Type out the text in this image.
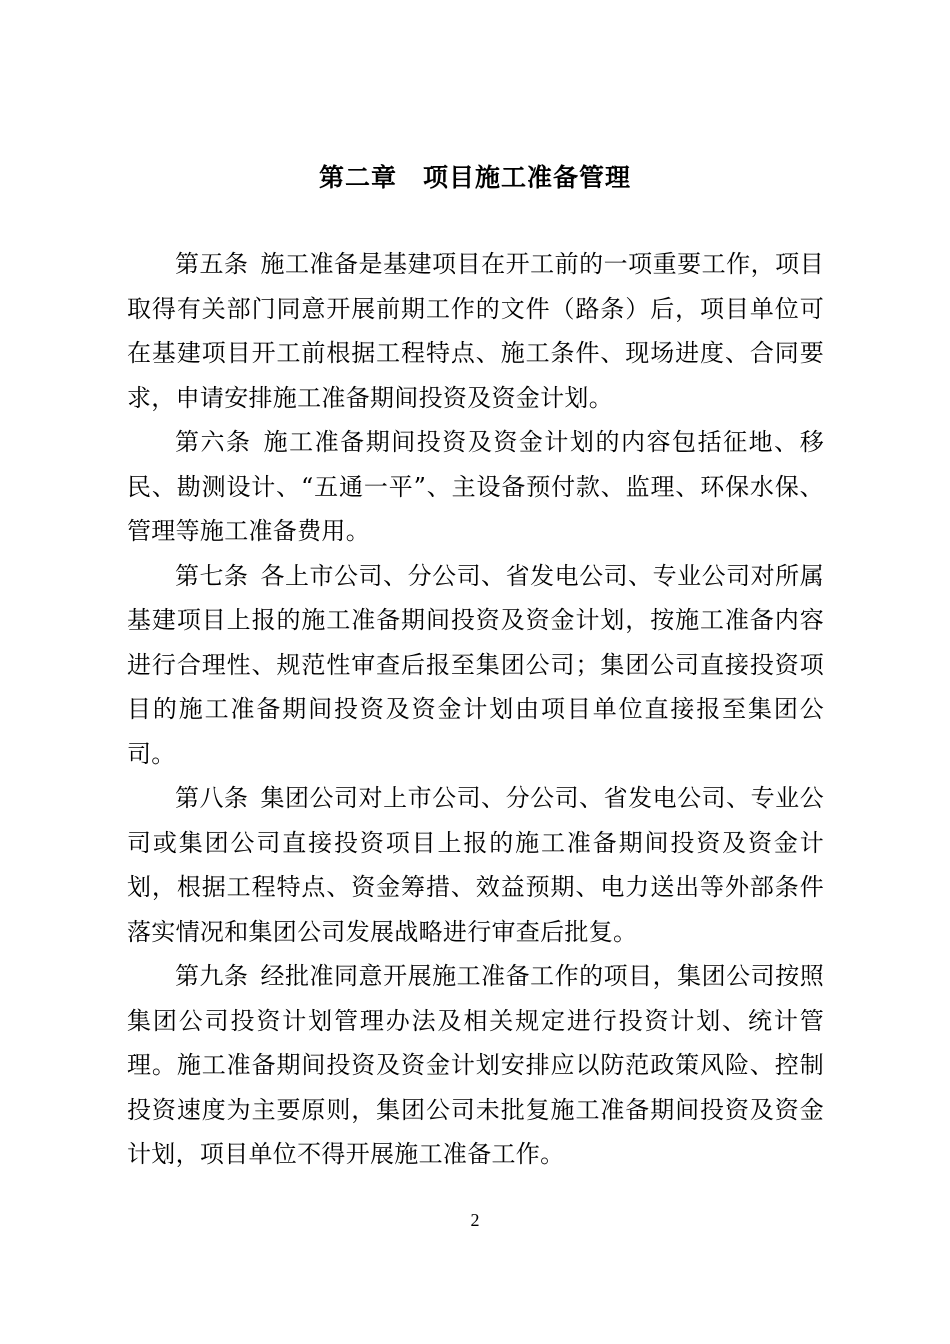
第二章　项目施工准备管理

第五条 施工准备是基建项目在开工前的一项重要工作，项目取得有关部门同意开展前期工作的文件（路条）后，项目单位可在基建项目开工前根据工程特点、施工条件、现场进度、合同要求，申请安排施工准备期间投资及资金计划。

第六条 施工准备期间投资及资金计划的内容包括征地、移民、勘测设计、“五通一平”、主设备预付款、监理、环保水保、管理等施工准备费用。

第七条 各上市公司、分公司、省发电公司、专业公司对所属基建项目上报的施工准备期间投资及资金计划，按施工准备内容进行合理性、规范性审查后报至集团公司；集团公司直接投资项目的施工准备期间投资及资金计划由项目单位直接报至集团公司。

第八条 集团公司对上市公司、分公司、省发电公司、专业公司或集团公司直接投资项目上报的施工准备期间投资及资金计划，根据工程特点、资金筹措、效益预期、电力送出等外部条件落实情况和集团公司发展战略进行审查后批复。

第九条 经批准同意开展施工准备工作的项目，集团公司按照集团公司投资计划管理办法及相关规定进行投资计划、统计管理。施工准备期间投资及资金计划安排应以防范政策风险、控制投资速度为主要原则，集团公司未批复施工准备期间投资及资金计划，项目单位不得开展施工准备工作。

2
